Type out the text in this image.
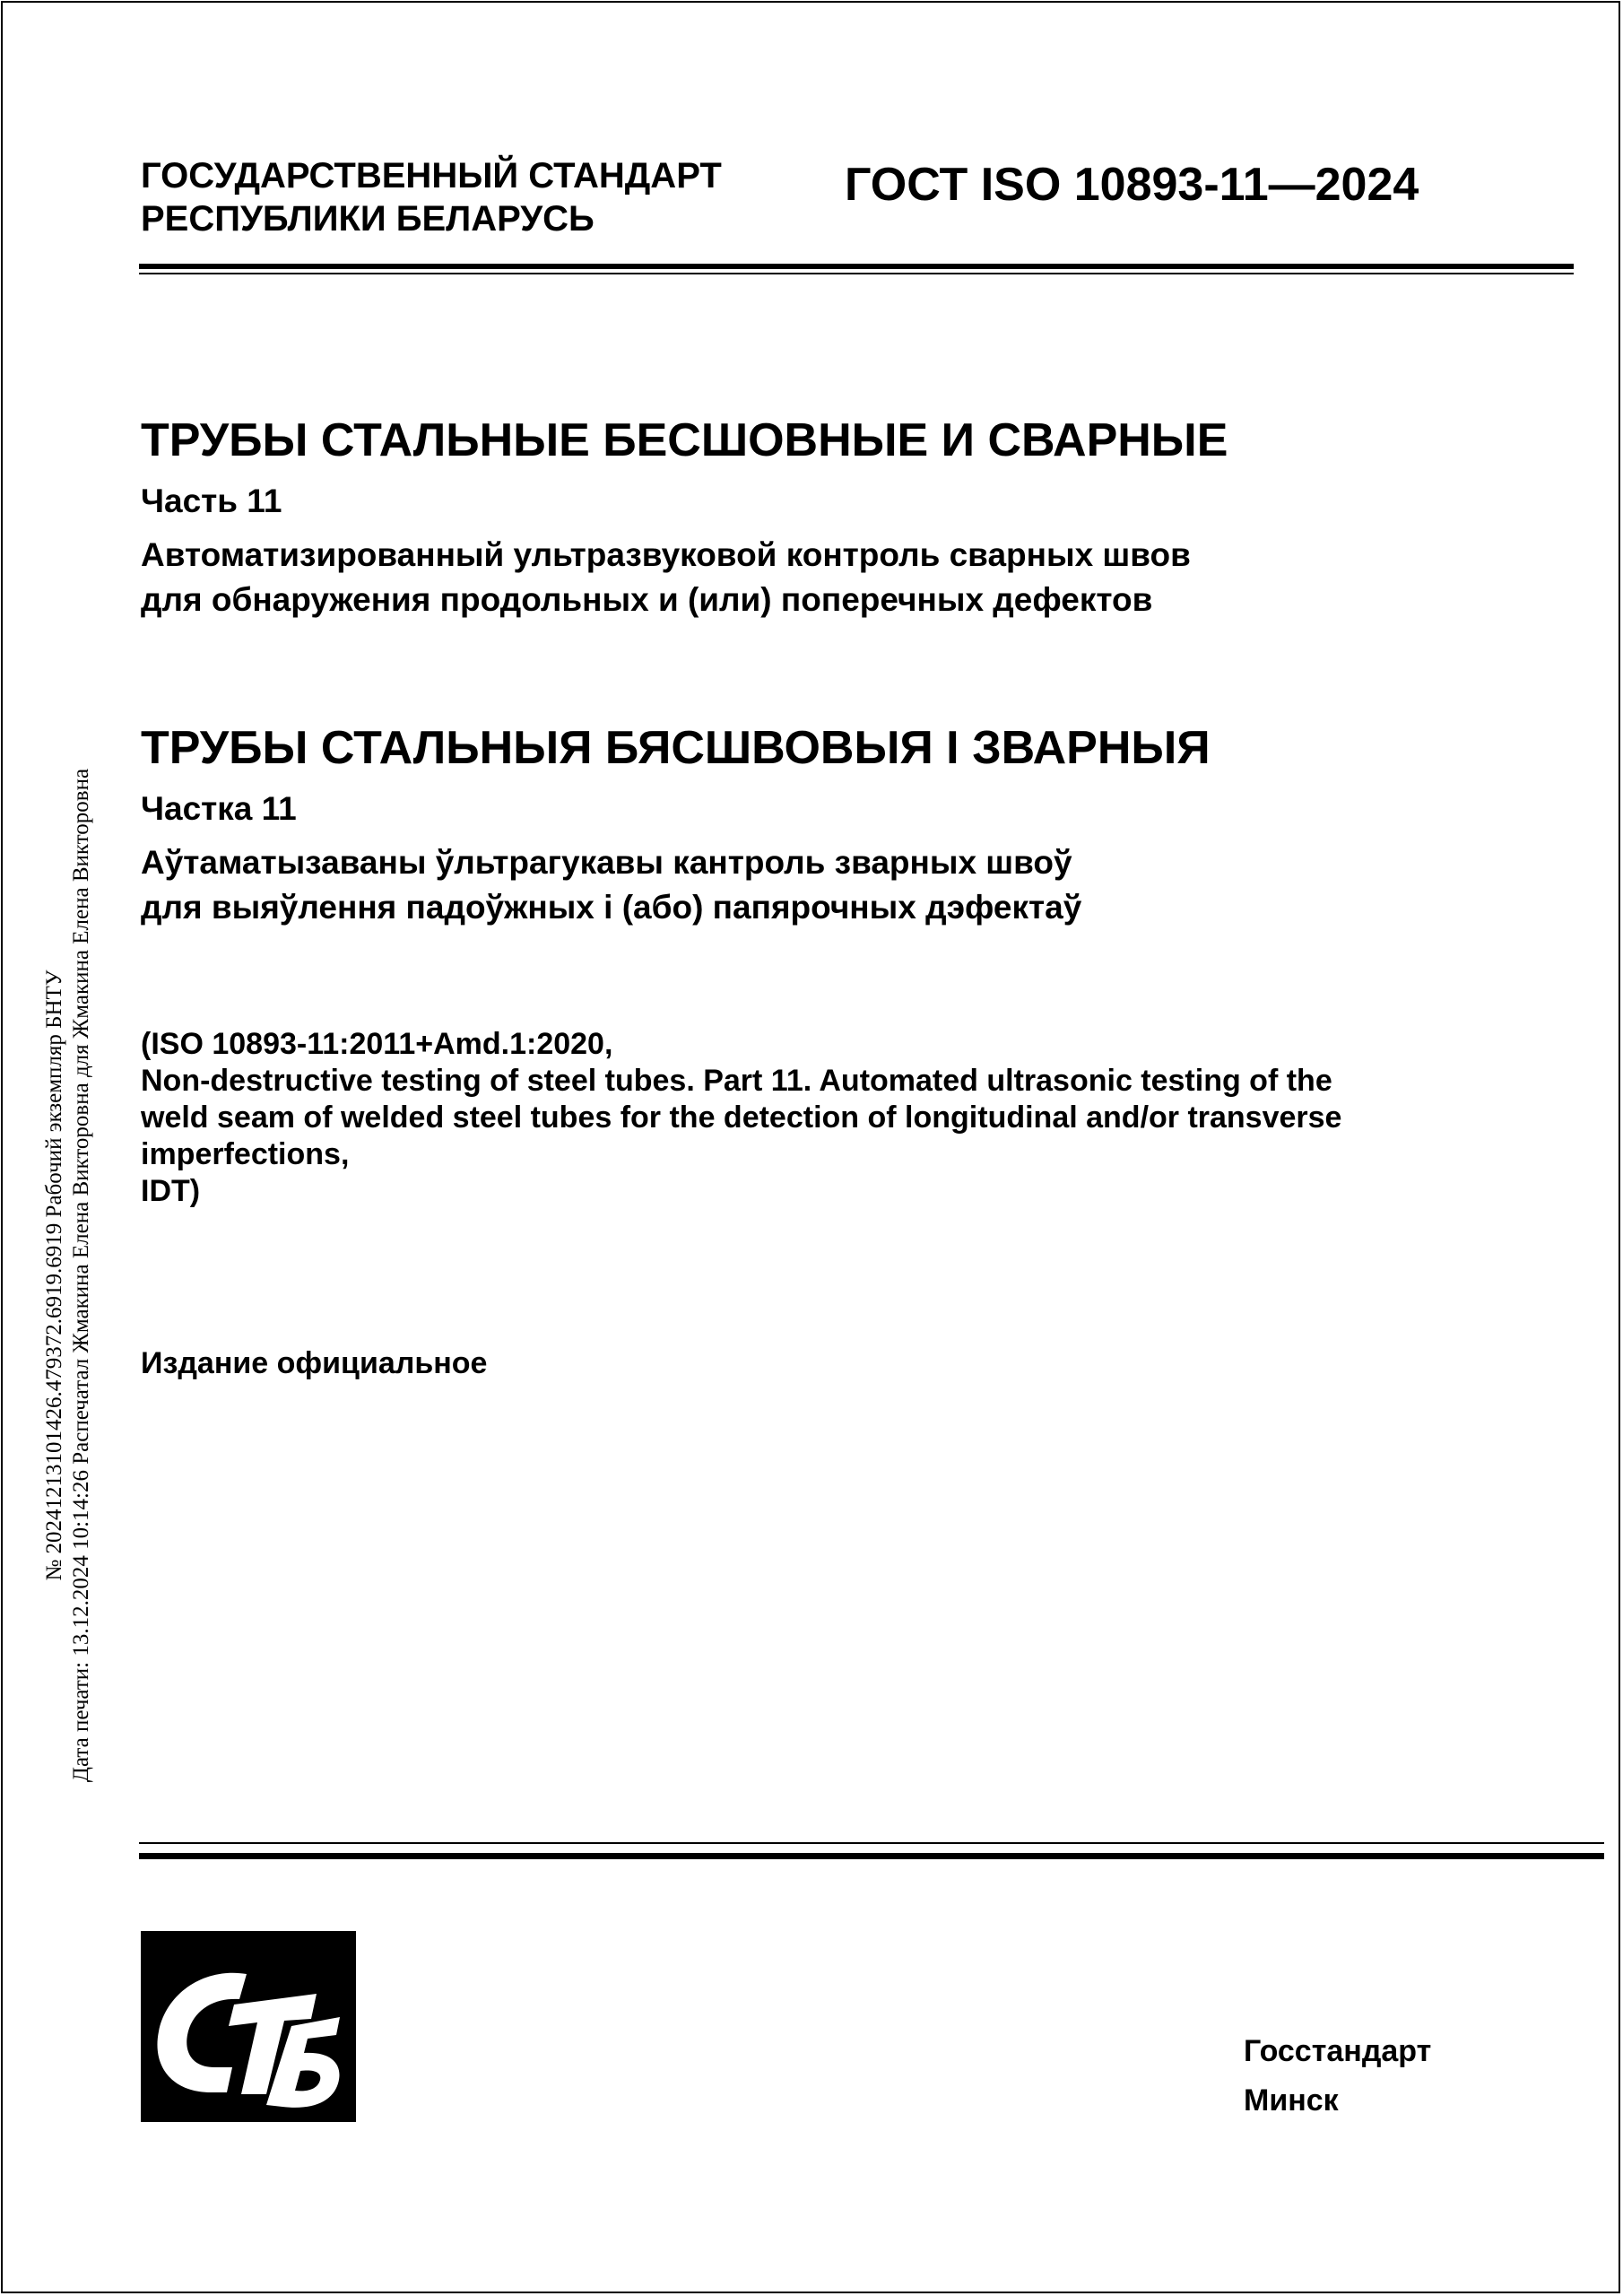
ГОСУДАРСТВЕННЫЙ СТАНДАРТ
РЕСПУБЛИКИ БЕЛАРУСЬ
ГОСТ ISO 10893-11—2024
ТРУБЫ СТАЛЬНЫЕ БЕСШОВНЫЕ И СВАРНЫЕ
Часть 11
Автоматизированный ультразвуковой контроль сварных швов
для обнаружения продольных и (или) поперечных дефектов
ТРУБЫ СТАЛЬНЫЯ БЯСШВОВЫЯ І ЗВАРНЫЯ
Частка 11
Аўтаматызаваны ўльтрагукавы кантроль зварных швоў
для выяўлення падоўжных і (або) папярочных дэфектаў
(ISO 10893-11:2011+Amd.1:2020,
Non-destructive testing of steel tubes. Part 11. Automated ultrasonic testing of the
weld seam of welded steel tubes for the detection of longitudinal and/or transverse
imperfections,
IDT)
Издание официальное
Госстандарт
Минск
№ 20241213101426.479372.6919.6919 Рабочий экземпляр БНТУ Дата печати: 13.12.2024 10:14:26 Распечатал Жмакина Елена Викторовна для Жмакина Елена Викторовна
